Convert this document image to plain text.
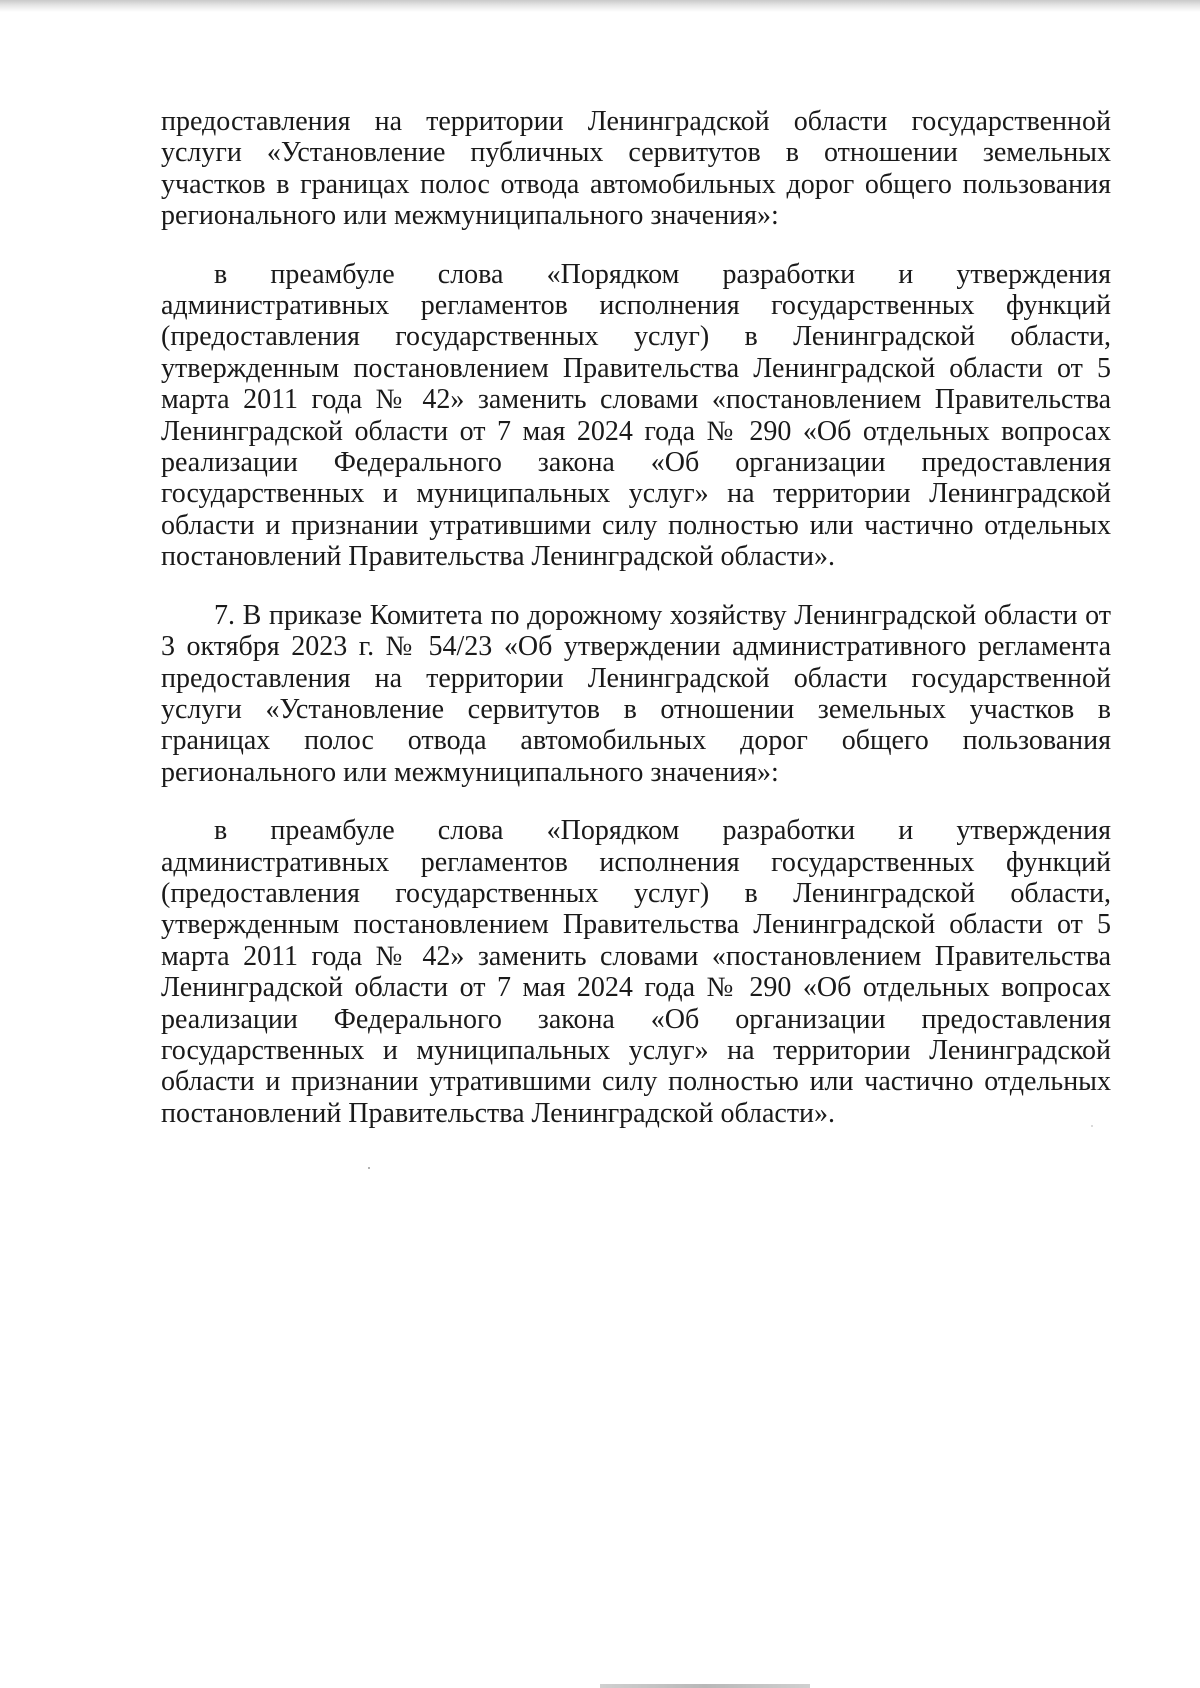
предоставления на территории Ленинградской области государственной услуги «Установление публичных сервитутов в отношении земельных участков в границах полос отвода автомобильных дорог общего пользования регионального или межмуниципального значения»:

в преамбуле слова «Порядком разработки и утверждения административных регламентов исполнения государственных функций (предоставления государственных услуг) в Ленинградской области, утвержденным постановлением Правительства Ленинградской области от 5 марта 2011 года № 42» заменить словами «постановлением Правительства Ленинградской области от 7 мая 2024 года № 290 «Об отдельных вопросах реализации Федерального закона «Об организации предоставления государственных и муниципальных услуг» на территории Ленинградской области и признании утратившими силу полностью или частично отдельных постановлений Правительства Ленинградской области».

7. В приказе Комитета по дорожному хозяйству Ленинградской области от 3 октября 2023 г. № 54/23 «Об утверждении административного регламента предоставления на территории Ленинградской области государственной услуги «Установление сервитутов в отношении земельных участков в границах полос отвода автомобильных дорог общего пользования регионального или межмуниципального значения»:

в преамбуле слова «Порядком разработки и утверждения административных регламентов исполнения государственных функций (предоставления государственных услуг) в Ленинградской области, утвержденным постановлением Правительства Ленинградской области от 5 марта 2011 года № 42» заменить словами «постановлением Правительства Ленинградской области от 7 мая 2024 года № 290 «Об отдельных вопросах реализации Федерального закона «Об организации предоставления государственных и муниципальных услуг» на территории Ленинградской области и признании утратившими силу полностью или частично отдельных постановлений Правительства Ленинградской области».
